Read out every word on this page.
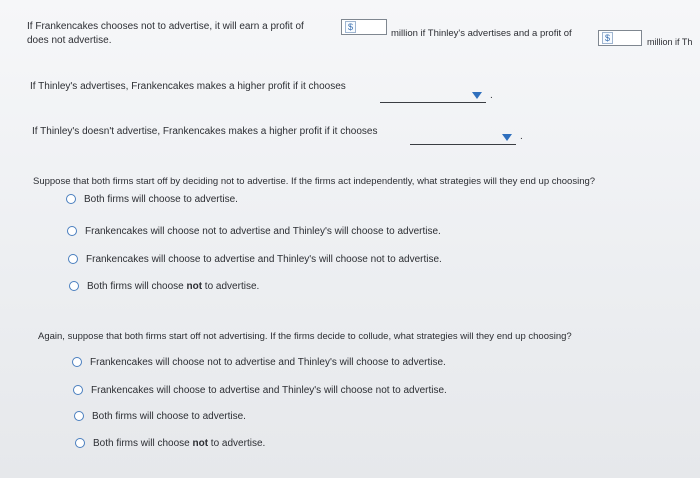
If Frankencakes chooses not to advertise, it will earn a profit of	$
million if Thinley's advertises and a profit of	$	million if Th
does not advertise.
If Thinley's advertises, Frankencakes makes a higher profit if it chooses
.
If Thinley's doesn't advertise, Frankencakes makes a higher profit if it chooses	.
Suppose that both firms start off by deciding not to advertise. If the firms act independently, what strategies will they end up choosing?
Both firms will choose to advertise.
Frankencakes will choose not to advertise and Thinley's will choose to advertise.
Frankencakes will choose to advertise and Thinley's will choose not to advertise.
Both firms will choose not to advertise.
Again, suppose that both firms start off not advertising. If the firms decide to collude, what strategies will they end up choosing?
Frankencakes will choose not to advertise and Thinley's will choose to advertise.
Frankencakes will choose to advertise and Thinley's will choose not to advertise.
Both firms will choose to advertise.
Both firms will choose not to advertise.
